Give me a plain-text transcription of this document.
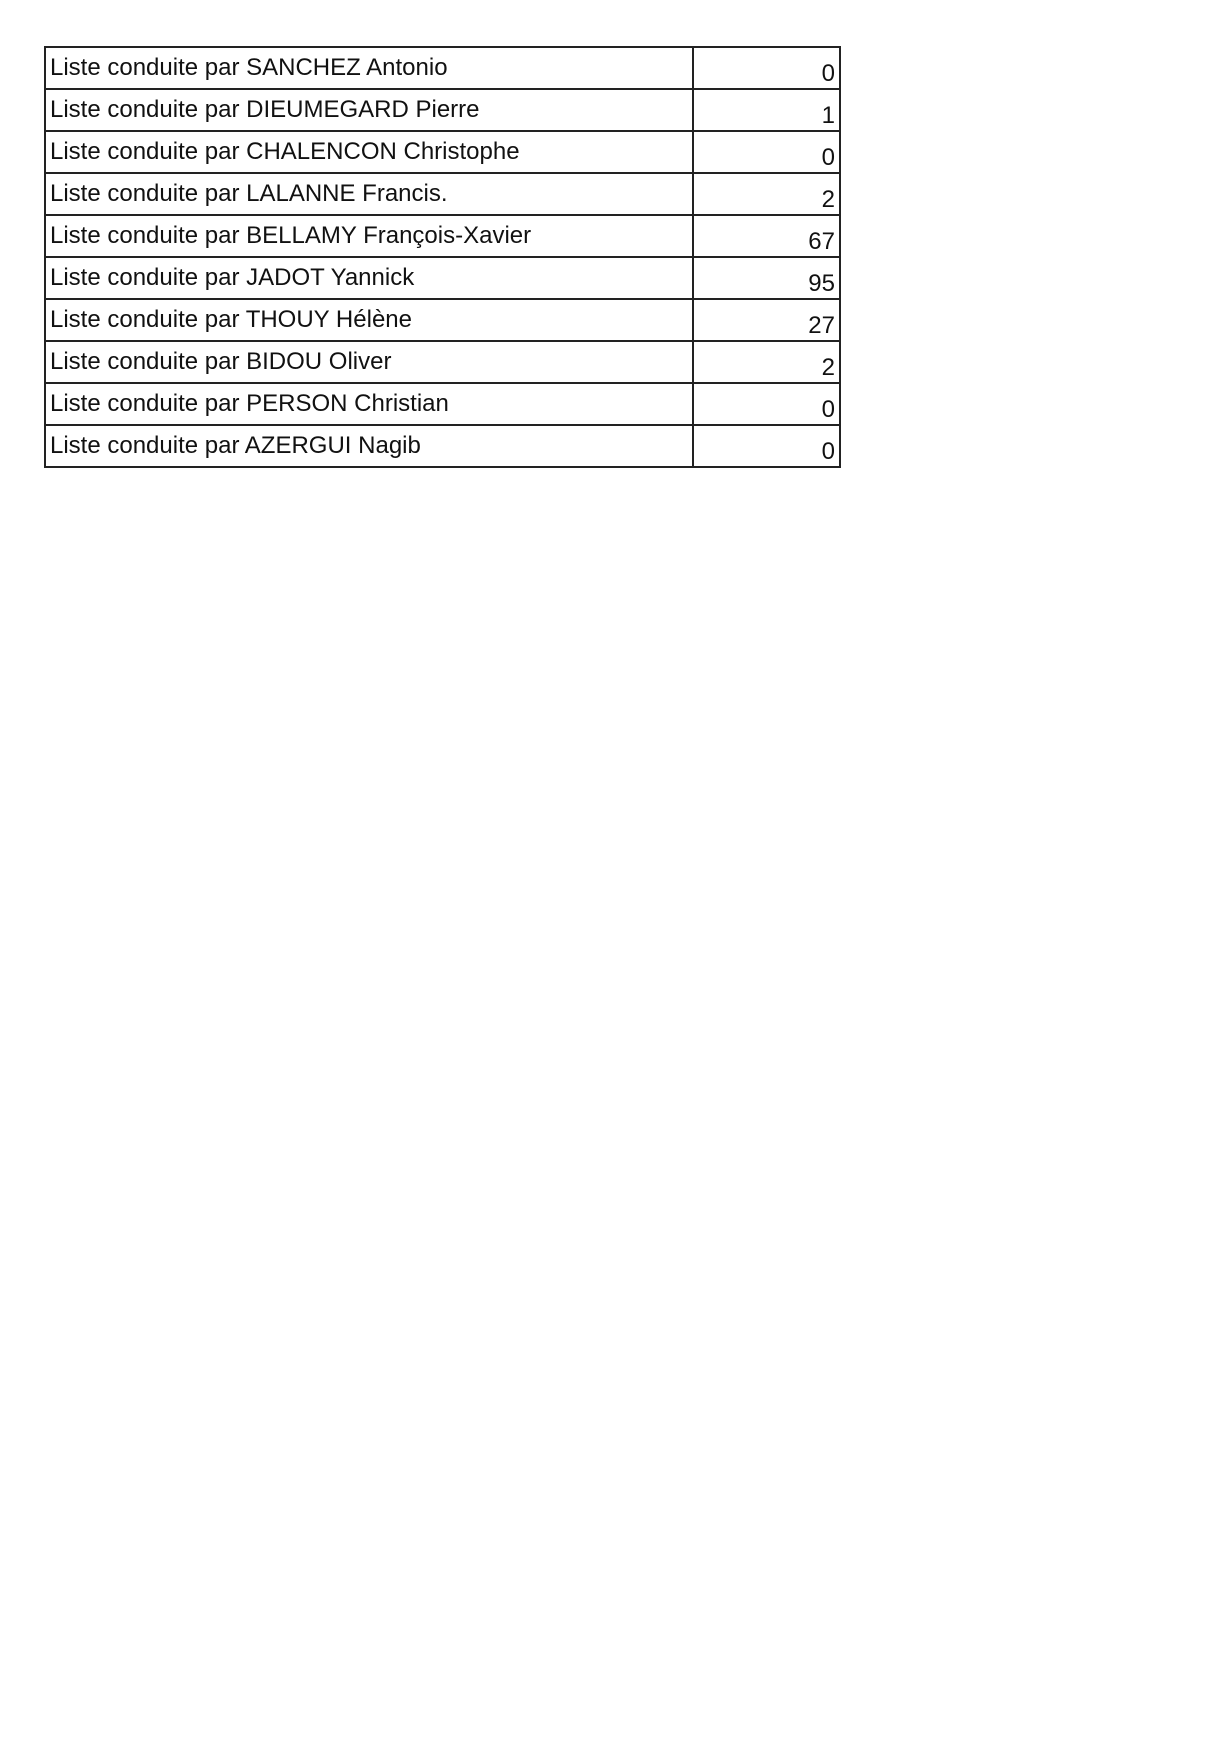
Liste conduite par SANCHEZ Antonio	0
Liste conduite par DIEUMEGARD Pierre	1
Liste conduite par CHALENCON Christophe	0
Liste conduite par LALANNE Francis.	2
Liste conduite par BELLAMY François-Xavier	67
Liste conduite par JADOT Yannick	95
Liste conduite par THOUY Hélène	27
Liste conduite par BIDOU Oliver	2
Liste conduite par PERSON Christian	0
Liste conduite par AZERGUI Nagib	0
